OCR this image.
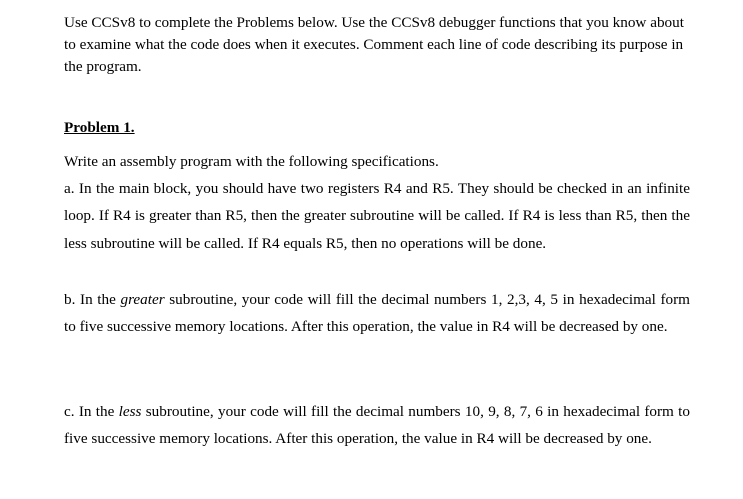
Use CCSv8 to complete the Problems below. Use the CCSv8 debugger functions that you know about to examine what the code does when it executes. Comment each line of code describing its purpose in the program.

Problem 1.

Write an assembly program with the following specifications.

a. In the main block, you should have two registers R4 and R5. They should be checked in an infinite loop. If R4 is greater than R5, then the greater subroutine will be called. If R4 is less than R5, then the less subroutine will be called. If R4 equals R5, then no operations will be done.

b. In the greater subroutine, your code will fill the decimal numbers 1, 2,3, 4, 5 in hexadecimal form to five successive memory locations. After this operation, the value in R4 will be decreased by one.

c. In the less subroutine, your code will fill the decimal numbers 10, 9, 8, 7, 6 in hexadecimal form to five successive memory locations. After this operation, the value in R4 will be decreased by one.
